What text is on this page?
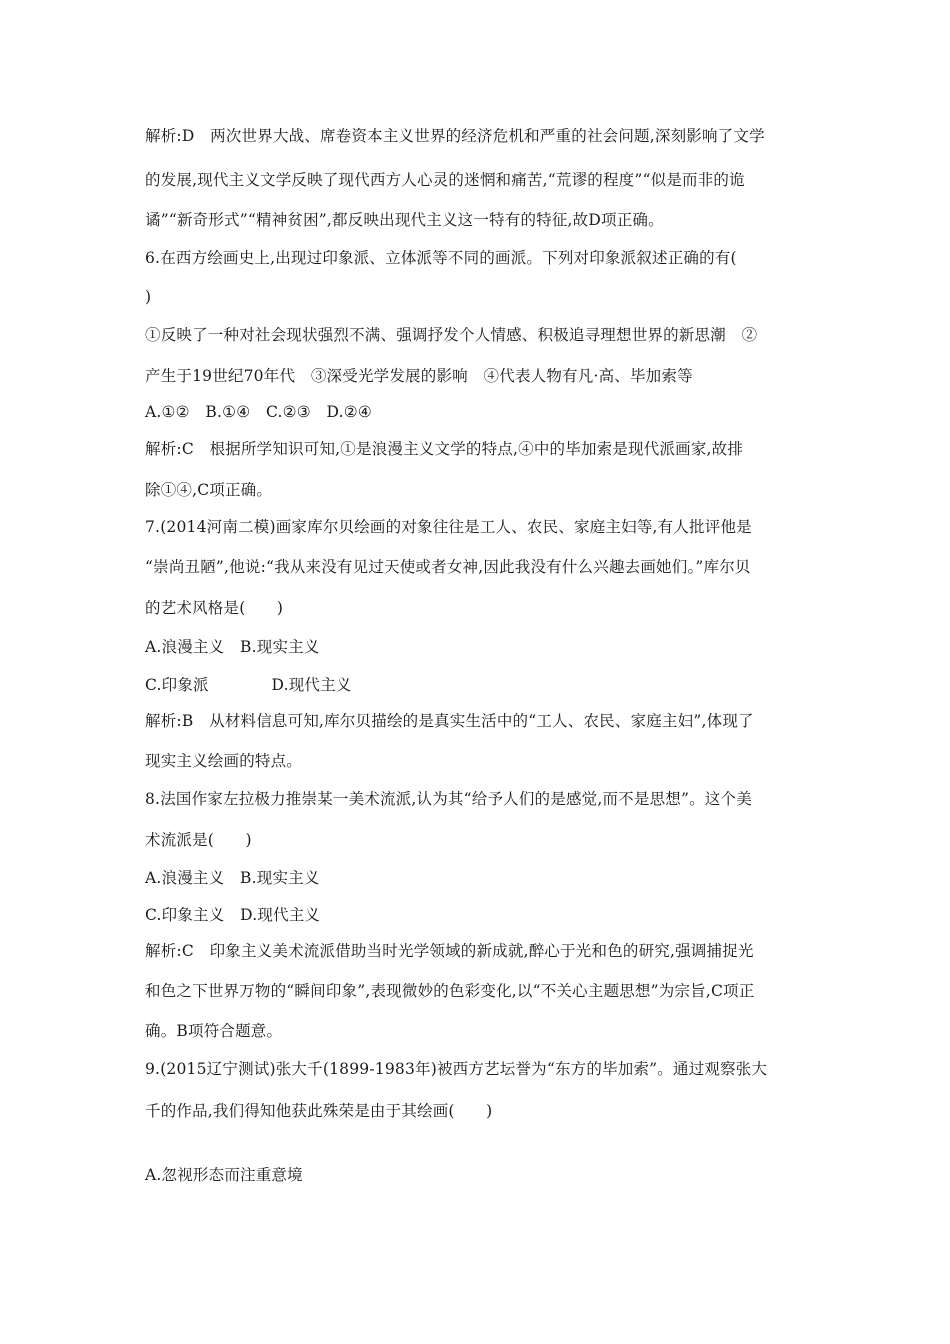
解析:D　两次世界大战、席卷资本主义世界的经济危机和严重的社会问题,深刻影响了文学
的发展,现代主义文学反映了现代西方人心灵的迷惘和痛苦,“荒谬的程度”“似是而非的诡
谲”“新奇形式”“精神贫困”,都反映出现代主义这一特有的特征,故D项正确。
6.在西方绘画史上,出现过印象派、立体派等不同的画派。下列对印象派叙述正确的有(
)
①反映了一种对社会现状强烈不满、强调抒发个人情感、积极追寻理想世界的新思潮　②
产生于19世纪70年代　③深受光学发展的影响　④代表人物有凡·高、毕加索等
A.①②　B.①④　C.②③　D.②④
解析:C　根据所学知识可知,①是浪漫主义文学的特点,④中的毕加索是现代派画家,故排
除①④,C项正确。
7.(2014河南二模)画家库尔贝绘画的对象往往是工人、农民、家庭主妇等,有人批评他是
“崇尚丑陋”,他说:“我从来没有见过天使或者女神,因此我没有什么兴趣去画她们。”库尔贝
的艺术风格是(　　)
A.浪漫主义　B.现实主义
C.印象派　　　　D.现代主义
解析:B　从材料信息可知,库尔贝描绘的是真实生活中的“工人、农民、家庭主妇”,体现了
现实主义绘画的特点。
8.法国作家左拉极力推崇某一美术流派,认为其“给予人们的是感觉,而不是思想”。这个美
术流派是(　　)
A.浪漫主义　B.现实主义
C.印象主义　D.现代主义
解析:C　印象主义美术流派借助当时光学领域的新成就,醉心于光和色的研究,强调捕捉光
和色之下世界万物的“瞬间印象”,表现微妙的色彩变化,以“不关心主题思想”为宗旨,C项正
确。B项符合题意。
9.(2015辽宁测试)张大千(1899-1983年)被西方艺坛誉为“东方的毕加索”。通过观察张大
千的作品,我们得知他获此殊荣是由于其绘画(　　)
A.忽视形态而注重意境
